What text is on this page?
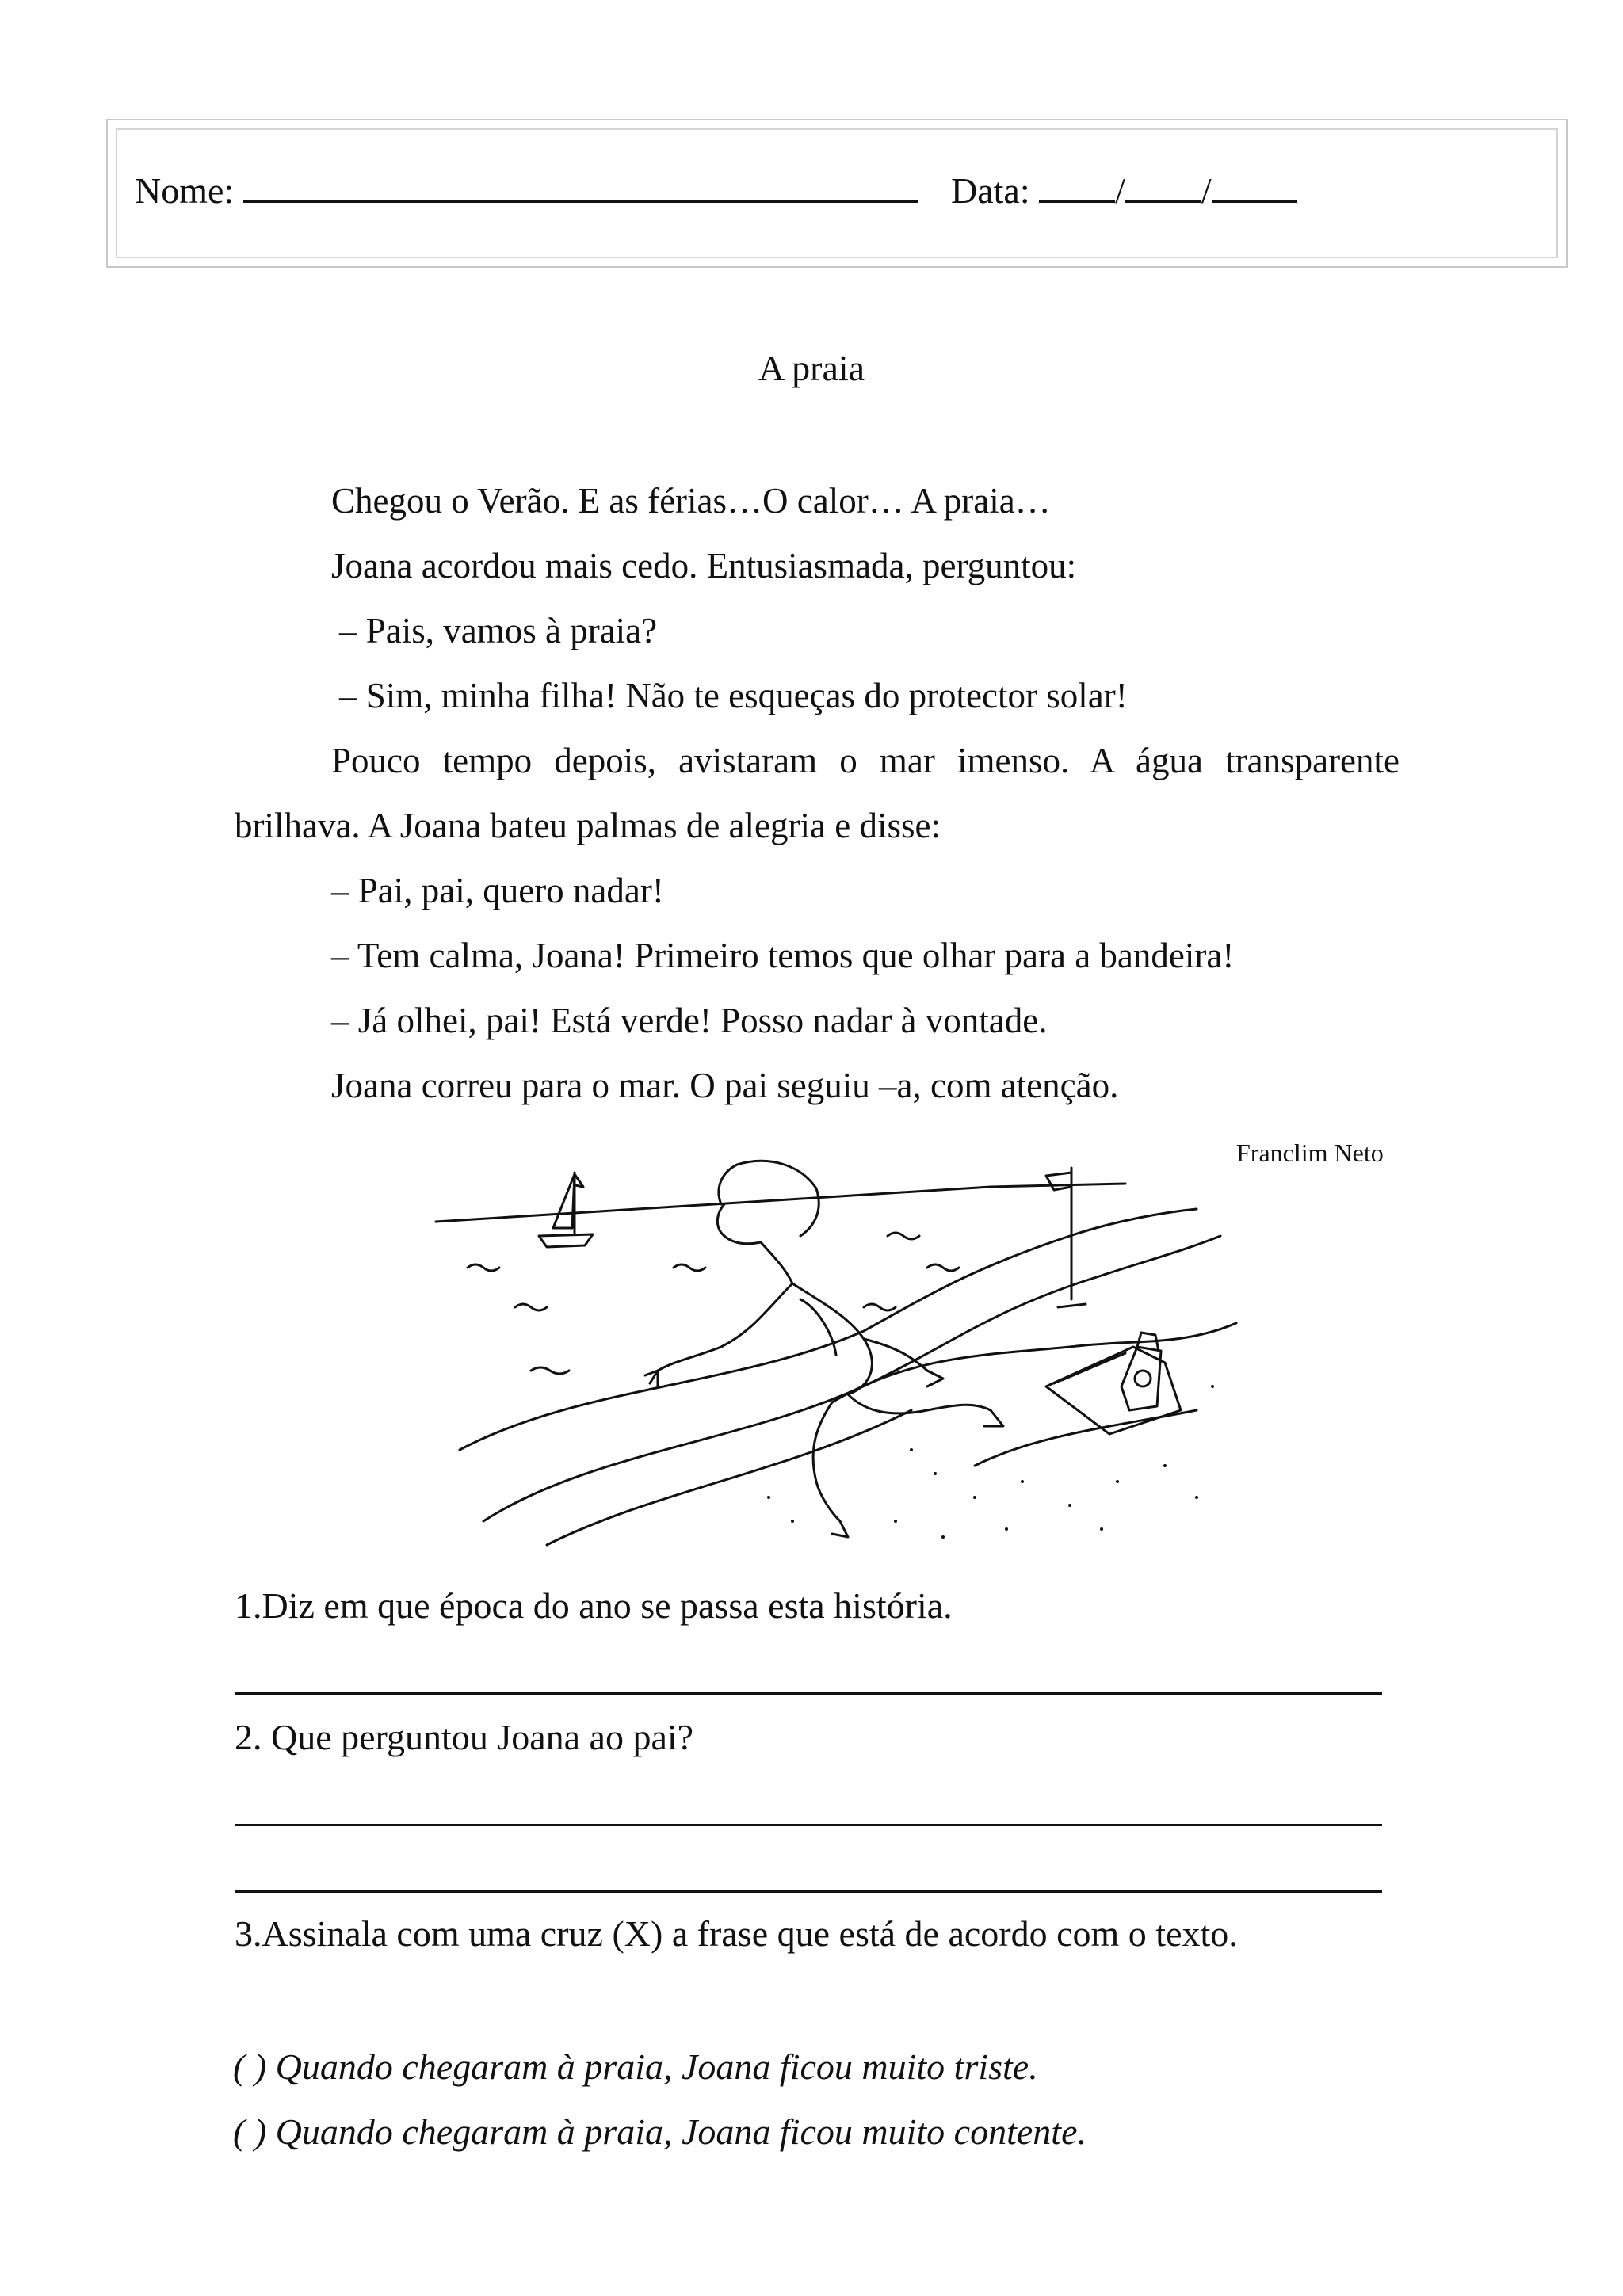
Nome:	Data: / /
A praia
Chegou o Verão. E as férias…O calor… A praia…
Joana acordou mais cedo. Entusiasmada, perguntou:
– Pais, vamos à praia?
– Sim, minha filha! Não te esqueças do protector solar!
Pouco tempo depois, avistaram o mar imenso. A água transparente
brilhava. A Joana bateu palmas de alegria e disse:
– Pai, pai, quero nadar!
– Tem calma, Joana! Primeiro temos que olhar para a bandeira!
– Já olhei, pai! Está verde! Posso nadar à vontade.
Joana correu para o mar. O pai seguiu –a, com atenção.
Franclim Neto
1.Diz em que época do ano se passa esta história.
2. Que perguntou Joana ao pai?
3.Assinala com uma cruz (X) a frase que está de acordo com o texto.
( ) Quando chegaram à praia, Joana ficou muito triste.
( ) Quando chegaram à praia, Joana ficou muito contente.
